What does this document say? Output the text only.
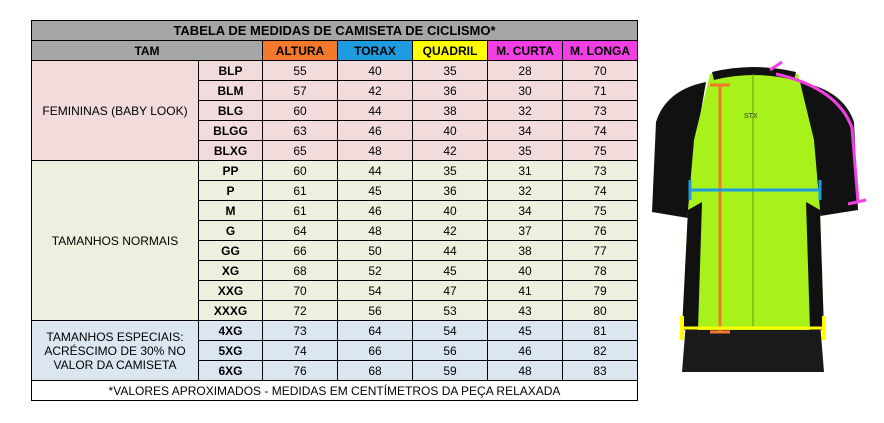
TABELA DE MEDIDAS DE CAMISETA DE CICLISMO*						
TAM		ALTURA	TORAX	QUADRIL	M. CURTA	M. LONGA

FEMININAS (BABY LOOK)	BLP	55	40	35	28	70
	BLM	57	42	36	30	71
	BLG	60	44	38	32	73
	BLGG	63	46	40	34	74
	BLXG	65	48	42	35	75

TAMANHOS NORMAIS	PP	60	44	35	31	73
	P	61	45	36	32	74
	M	61	46	40	34	75
	G	64	48	42	37	76
	GG	66	50	44	38	77
	XG	68	52	45	40	78
	XXG	70	54	47	41	79
	XXXG	72	56	53	43	80

TAMANHOS ESPECIAIS:
ACRÉSCIMO DE 30% NO
VALOR DA CAMISETA	4XG	73	64	54	45	81
	5XG	74	66	56	46	82
	6XG	76	68	59	48	83
*VALORES APROXIMADOS - MEDIDAS EM CENTÍMETROS DA PEÇA RELAXADA						
STX
